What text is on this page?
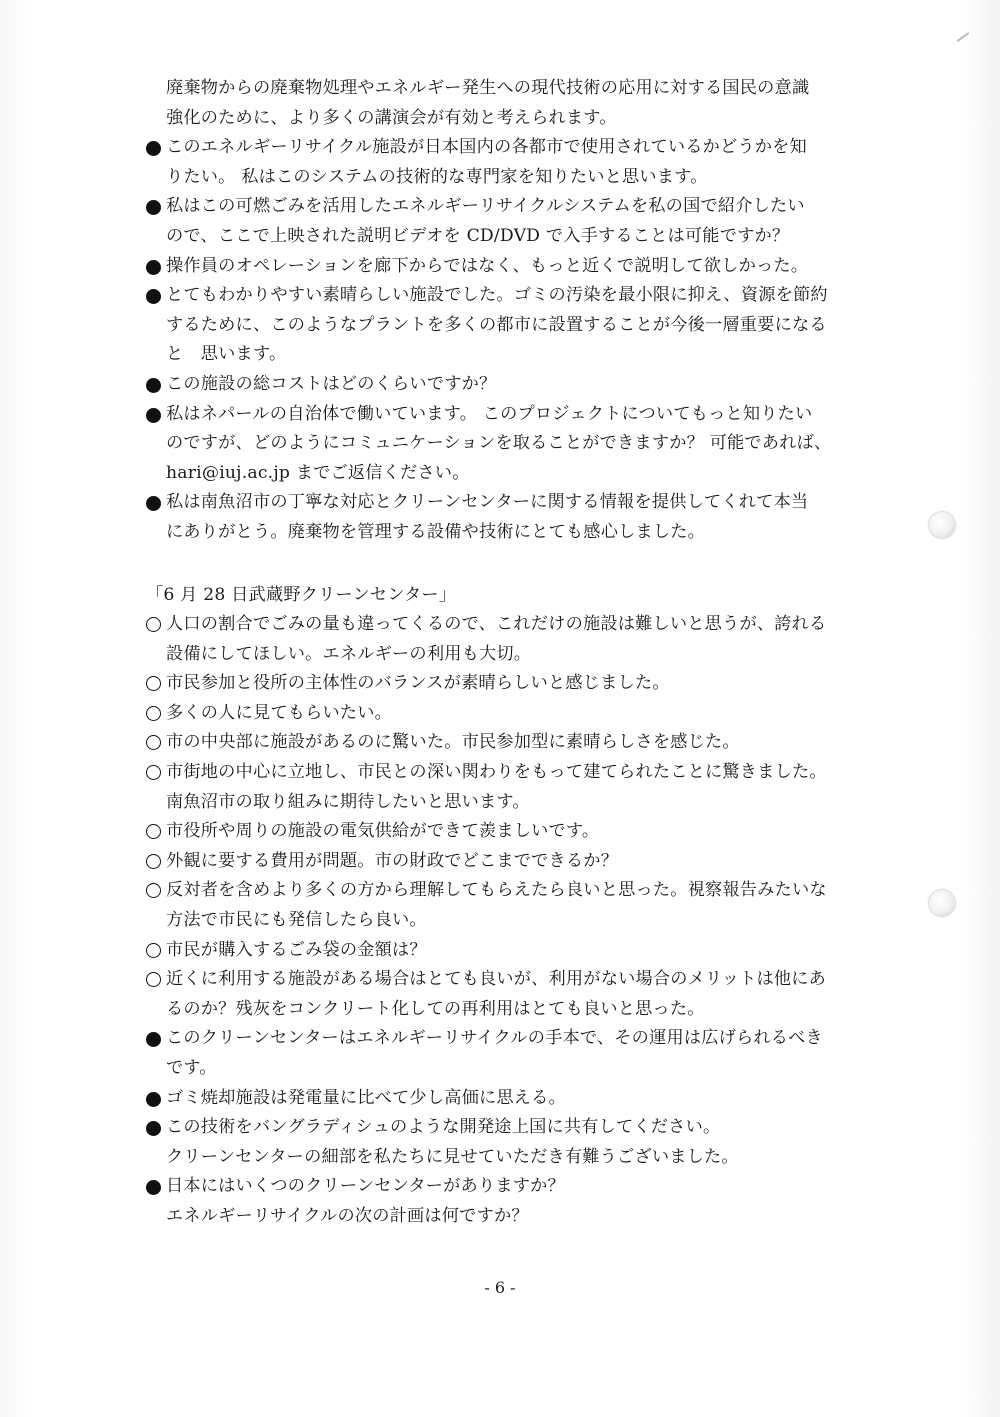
廃棄物からの廃棄物処理やエネルギー発生への現代技術の応用に対する国民の意識
強化のために、より多くの講演会が有効と考えられます。
このエネルギーリサイクル施設が日本国内の各都市で使用されているかどうかを知
りたい。 私はこのシステムの技術的な専門家を知りたいと思います。
私はこの可燃ごみを活用したエネルギーリサイクルシステムを私の国で紹介したい
ので、ここで上映された説明ビデオを CD/DVD で入手することは可能ですか？
操作員のオペレーションを廊下からではなく、もっと近くで説明して欲しかった。
とてもわかりやすい素晴らしい施設でした。ゴミの汚染を最小限に抑え、資源を節約
するために、このようなプラントを多くの都市に設置することが今後一層重要になる
と　思います。
この施設の総コストはどのくらいですか？
私はネパールの自治体で働いています。 このプロジェクトについてもっと知りたい
のですが、どのようにコミュニケーションを取ることができますか？ 可能であれば、
hari@iuj.ac.jp までご返信ください。
私は南魚沼市の丁寧な対応とクリーンセンターに関する情報を提供してくれて本当
にありがとう。廃棄物を管理する設備や技術にとても感心しました。
「6 月 28 日武蔵野クリーンセンター」
人口の割合でごみの量も違ってくるので、これだけの施設は難しいと思うが、誇れる
設備にしてほしい。エネルギーの利用も大切。
市民参加と役所の主体性のバランスが素晴らしいと感じました。
多くの人に見てもらいたい。
市の中央部に施設があるのに驚いた。市民参加型に素晴らしさを感じた。
市街地の中心に立地し、市民との深い関わりをもって建てられたことに驚きました。
南魚沼市の取り組みに期待したいと思います。
市役所や周りの施設の電気供給ができて羨ましいです。
外観に要する費用が問題。市の財政でどこまでできるか？
反対者を含めより多くの方から理解してもらえたら良いと思った。視察報告みたいな
方法で市民にも発信したら良い。
市民が購入するごみ袋の金額は？
近くに利用する施設がある場合はとても良いが、利用がない場合のメリットは他にあ
るのか？残灰をコンクリート化しての再利用はとても良いと思った。
このクリーンセンターはエネルギーリサイクルの手本で、その運用は広げられるべき
です。
ゴミ焼却施設は発電量に比べて少し高価に思える。
この技術をバングラディシュのような開発途上国に共有してください。
クリーンセンターの細部を私たちに見せていただき有難うございました。
日本にはいくつのクリーンセンターがありますか？
エネルギーリサイクルの次の計画は何ですか？
- 6 -
